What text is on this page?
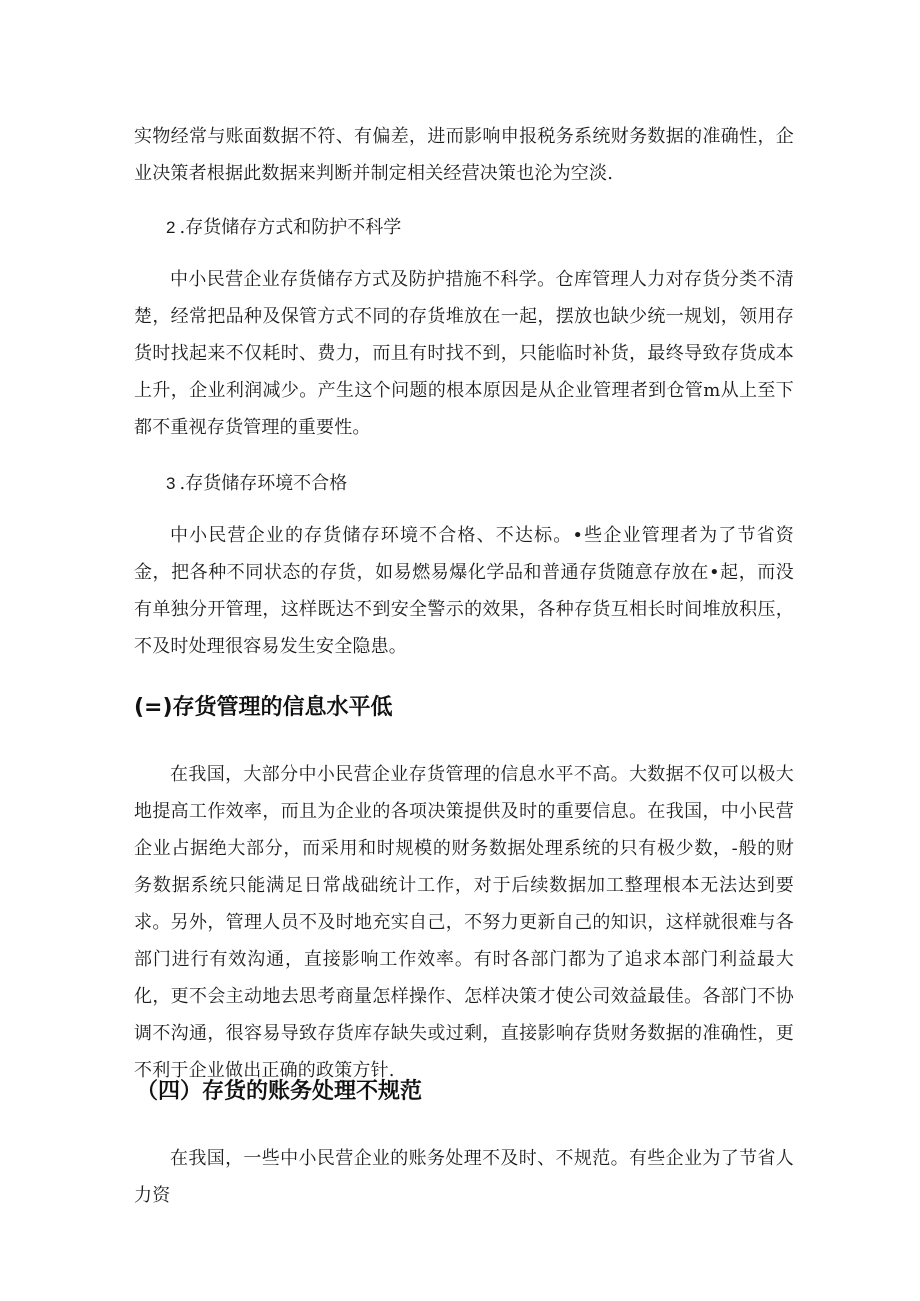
实物经常与账面数据不符、有偏差，进而影响申报税务系统财务数据的准确性，企业决策者根据此数据来判断并制定相关经营决策也沦为空淡.

2 .存货储存方式和防护不科学

中小民营企业存货储存方式及防护措施不科学。仓库管理人力对存货分类不清楚，经常把品种及保管方式不同的存货堆放在一起，摆放也缺少统一规划，领用存货时找起来不仅耗时、费力，而且有时找不到，只能临时补货，最终导致存货成本上升，企业利润减少。产生这个问题的根本原因是从企业管理者到仓管m从上至下都不重视存货管理的重要性。

3 .存货储存环境不合格

中小民营企业的存货储存环境不合格、不达标。•些企业管理者为了节省资金，把各种不同状态的存货，如易燃易爆化学品和普通存货随意存放在•起，而没有单独分开管理，这样既达不到安全警示的效果，各种存货互相长时间堆放积压，不及时处理很容易发生安全隐患。

(=)存货管理的信息水平低

在我国，大部分中小民营企业存货管理的信息水平不高。大数据不仅可以极大地提高工作效率，而且为企业的各项决策提供及时的重要信息。在我国，中小民营企业占据绝大部分，而采用和时规模的财务数据处理系统的只有极少数，-般的财务数据系统只能满足日常战础统计工作，对于后续数据加工整理根本无法达到要求。另外，管理人员不及时地充实自己，不努力更新自己的知识，这样就很难与各部门进行有效沟通，直接影响工作效率。有时各部门都为了追求本部门利益最大化，更不会主动地去思考商量怎样操作、怎样决策才使公司效益最佳。各部门不协调不沟通，很容易导致存货库存缺失或过剩，直接影响存货财务数据的准确性，更不利于企业做出正确的政策方针.

（四）存货的账务处理不规范

在我国，一些中小民营企业的账务处理不及时、不规范。有些企业为了节省人力资
